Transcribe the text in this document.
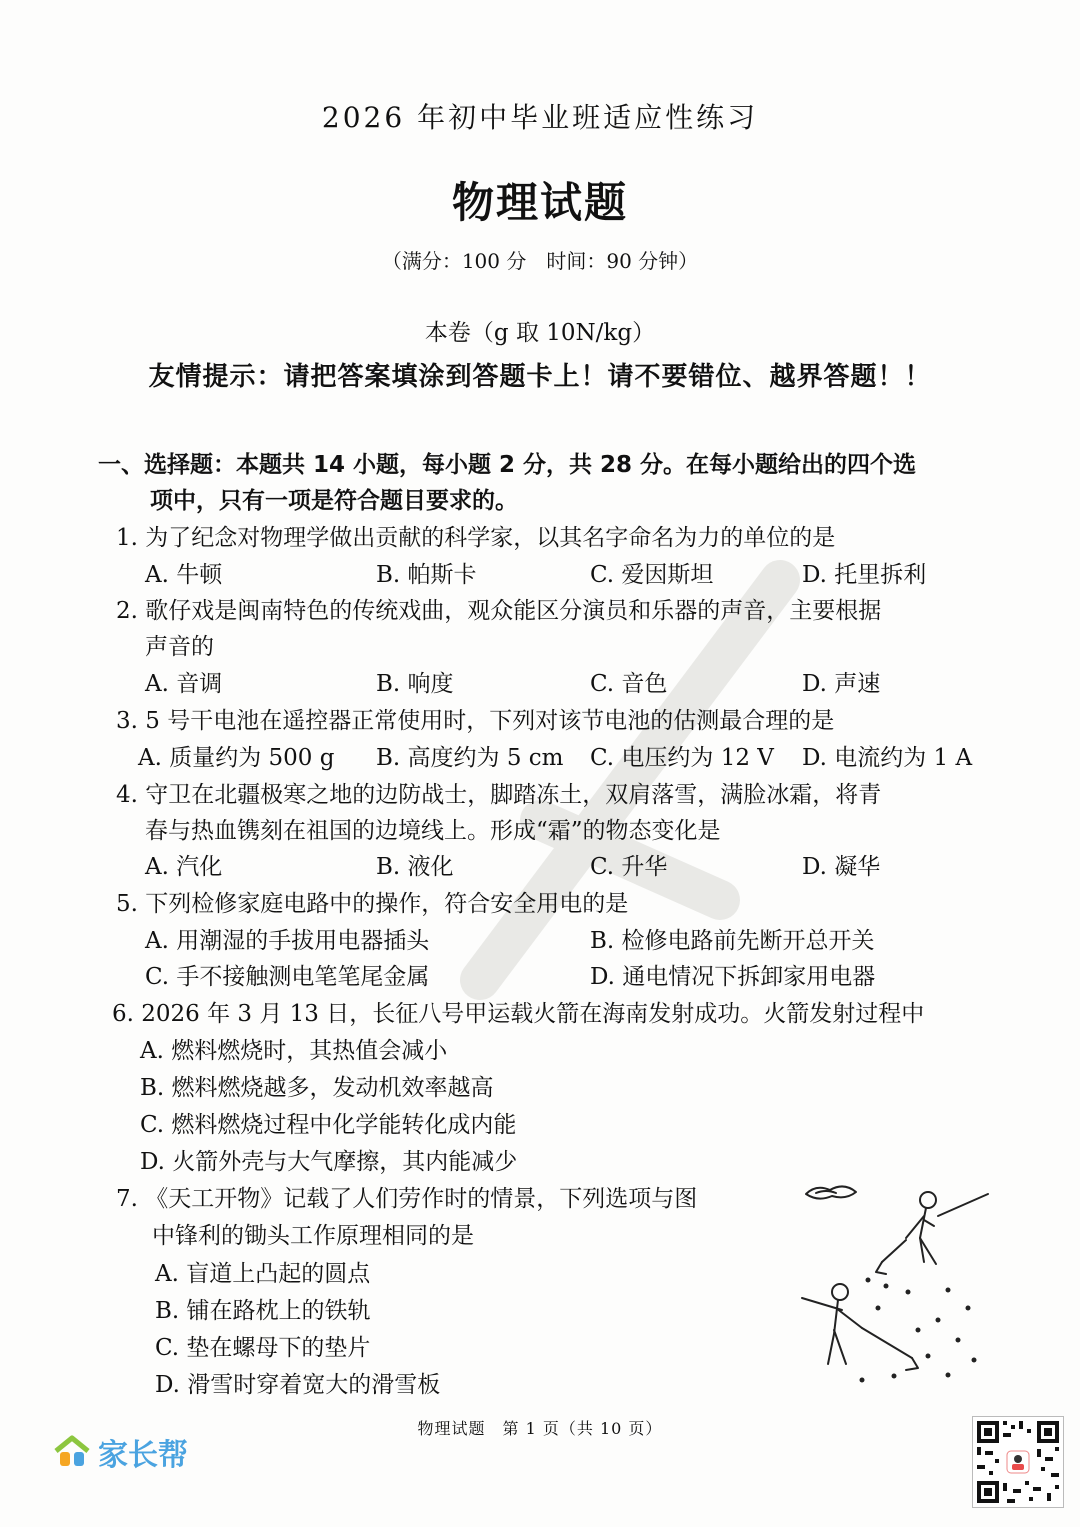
2026 年初中毕业班适应性练习
物理试题
（满分：100 分　时间：90 分钟）
本卷（g 取 10N/kg）
友情提示：请把答案填涂到答题卡上！请不要错位、越界答题！！
一、选择题：本题共 14 小题，每小题 2 分，共 28 分。在每小题给出的四个选
项中，只有一项是符合题目要求的。
1. 为了纪念对物理学做出贡献的科学家，以其名字命名为力的单位的是
A. 牛顿	B. 帕斯卡	C. 爱因斯坦	D. 托里拆利
2. 歌仔戏是闽南特色的传统戏曲，观众能区分演员和乐器的声音，主要根据
声音的
A. 音调	B. 响度	C. 音色	D. 声速
3. 5 号干电池在遥控器正常使用时，下列对该节电池的估测最合理的是
A. 质量约为 500 g B. 高度约为 5 cm C. 电压约为 12 V D. 电流约为 1 A
4. 守卫在北疆极寒之地的边防战士，脚踏冻土，双肩落雪，满脸冰霜，将青
春与热血镌刻在祖国的边境线上。形成“霜”的物态变化是
A. 汽化	B. 液化	C. 升华	D. 凝华
5. 下列检修家庭电路中的操作，符合安全用电的是
A. 用潮湿的手拔用电器插头	B. 检修电路前先断开总开关
C. 手不接触测电笔笔尾金属	D. 通电情况下拆卸家用电器
6. 2026 年 3 月 13 日，长征八号甲运载火箭在海南发射成功。火箭发射过程中
A. 燃料燃烧时，其热值会减小
B. 燃料燃烧越多，发动机效率越高
C. 燃料燃烧过程中化学能转化成内能
D. 火箭外壳与大气摩擦，其内能减少
7. 《天工开物》记载了人们劳作时的情景，下列选项与图
中锋利的锄头工作原理相同的是
A. 盲道上凸起的圆点
B. 铺在路枕上的铁轨
C. 垫在螺母下的垫片
D. 滑雪时穿着宽大的滑雪板
物理试题　第 1 页（共 10 页）
家长帮
